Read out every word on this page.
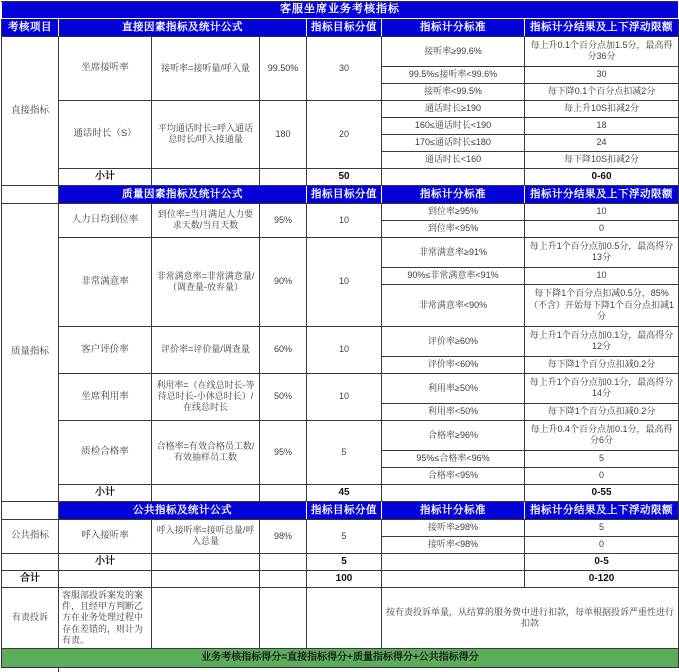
客服坐席业务考核指标						
考核项目	直接因素指标及统计公式			指标目标分值	指标计分标准	指标计分结果及上下浮动限额
直接指标	坐席接听率	接听率=接听量/呼入量	99.50%	30	接听率≥99.6%	每上升0.1个百分点加1.5分，最高得分36分
					99.5%≤接听率<99.6%	30
					接听率<99.5%	每下降0.1个百分点扣减2分
	通话时长（S）	平均通话时长=呼入通话总时长/呼入接通量	180	20	通话时长≥190	每上升10S扣减2分
					160≤通话时长<190	18
					170≤通话时长≤180	24
					通话时长<160	每下降10S扣减2分
	小计			50		0-60
	质量因素指标及统计公式			指标目标分值	指标计分标准	指标计分结果及上下浮动限额
质量指标	人力日均到位率	到位率=当月满足人力要求天数/当月天数	95%	10	到位率≥95%	10
					到位率<95%	0
	非常满意率	非常满意率=非常满意量/（调查量-放弃量）	90%	10	非常满意率≥91%	每上升1个百分点加0.5分，最高得分13分
					90%≤非常满意率<91%	10
					非常满意率<90%	每下降1个百分点扣减0.5分，85%（不含）开始每下降1个百分点扣减1分
	客户评价率	评价率=评价量/调查量	60%	10	评价率≥60%	每上升1个百分点加0.1分，最高得分12分
					评价率<60%	每下降1个百分点扣减0.2分
	坐席利用率	利用率=（在线总时长-等待总时长-小休总时长）/在线总时长	50%	10	利用率≥50%	每上升1个百分点加0.1分，最高得分14分
					利用率<50%	每下降1个百分点扣减0.2分
	质检合格率	合格率=有效合格员工数/有效抽样员工数	95%	5	合格率≥96%	每上升0.4个百分点加0.1分，最高得分6分
					95%≤合格率<96%	5
					合格率<95%	0
	小计			45		0-55
	公共指标及统计公式			指标目标分值	指标计分标准	指标计分结果及上下浮动限额
公共指标	呼入接听率	呼入接听率=接听总量/呼入总量	98%	5	接听率≥98%	5
					接听率<98%	0
	小计			5		0-5
合计				100		0-120
有责投诉	客服部投诉案发的案件，且经甲方判断乙方在业务处理过程中存在差错的，则计为有责。				按有责投诉单量，从结算的服务费中进行扣款，每单根据投诉严重性进行扣款	
业务考核指标得分=直接指标得分+质量指标得分+公共指标得分						
